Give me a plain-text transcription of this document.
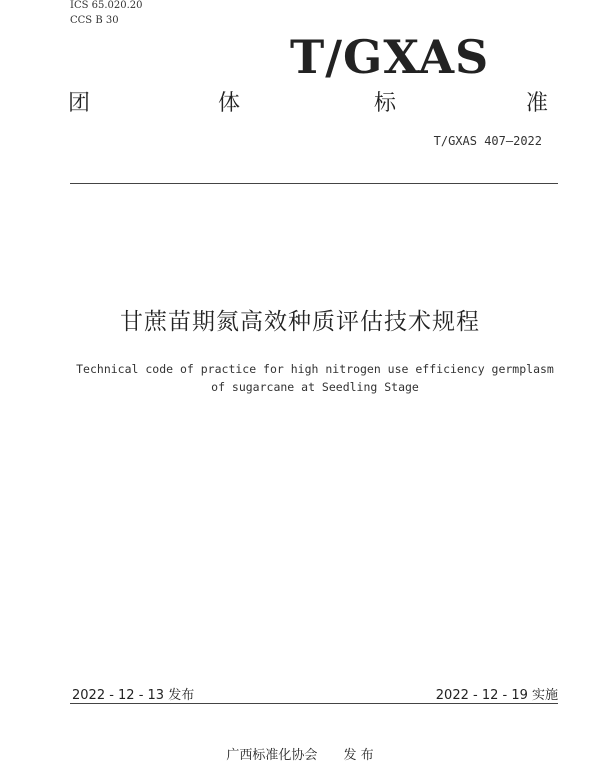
ICS 65.020.20
CCS B 30
T/GXAS
团	体	标	准
T/GXAS 407—2022
甘蔗苗期氮高效种质评估技术规程
Technical code of practice for high nitrogen use efficiency germplasm
of sugarcane at Seedling Stage
2022 - 12 - 13 发布	2022 - 12 - 19 实施
广西标准化协会 发 布
